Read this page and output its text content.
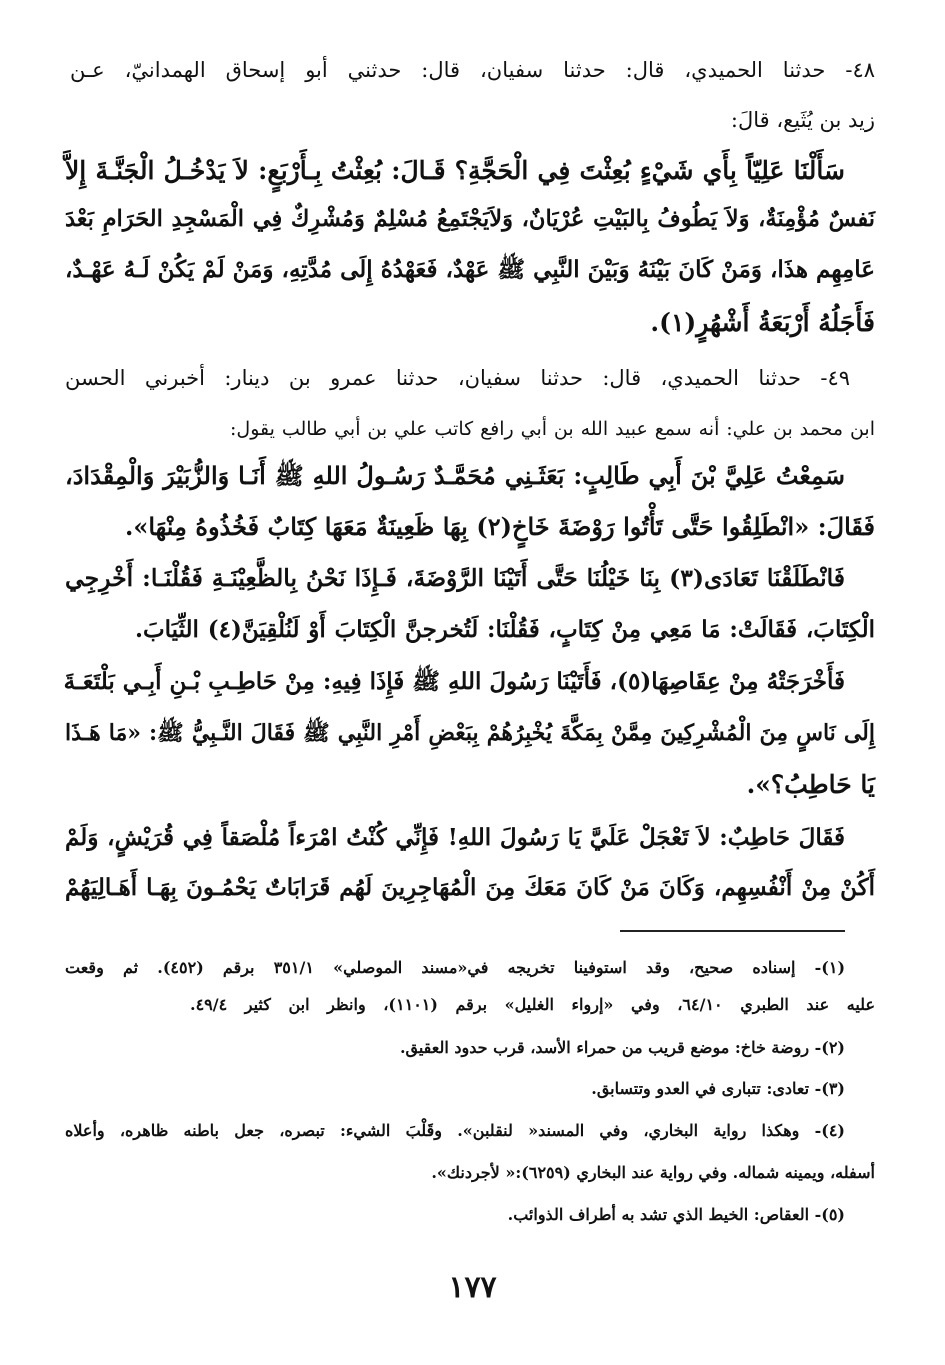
٤٨- حدثنا الحميدي، قال: حدثنا سفيان، قال: حدثني أبو إسحاق الهمدانيّ، عـن
زيد بن يُثَيع، قالَ:
سَأَلْنَا عَلِيّاً بِأَي شَيْءٍ بُعِثْتَ فِي الْحَجَّةِ؟ قَـالَ: بُعِثْتُ بِـأَرْبَعٍ: لاَ يَدْخُـلُ الْجَنَّـةَ إِلاَّ
نَفسٌ مُؤْمِنَةٌ، وَلاَ يَطُوفُ بِالبَيْتِ عُرْيَانٌ، وَلاَيَجْتَمِعُ مُسْلِمٌ وَمُشْرِكٌ فِي الْمَسْجِدِ الحَرَامِ بَعْدَ
عَامِهِم هذَا، وَمَنْ كَانَ بَيْنَهُ وَبَيْنَ النَّبِي ﷺ عَهْدٌ، فَعَهْدُهُ إِلَى مُدَّتِهِ، وَمَنْ لَمْ يَكُنْ لَـهُ عَهْـدٌ،
فَأَجَلُهُ أَرْبَعَةُ أَشْهُرٍ(١).
٤٩- حدثنا الحميدي، قال: حدثنا سفيان، حدثنا عمرو بن دينار: أخبرني الحسن
ابن محمد بن علي: أنه سمع عبيد الله بن أبي رافع كاتب علي بن أبي طالب يقول:
سَمِعْتُ عَلِيَّ بْنَ أَبِي طَالِبٍ: بَعَثَـنِي مُحَمَّـدٌ رَسُـولُ اللهِ ﷺ أَنَـا وَالزُّبَيْرَ وَالْمِقْدَادَ،
فَقَالَ: «انْطَلِقُوا حَتَّى تَأْتُوا رَوْضَةَ خَاخٍ(٢) بِهَا ظَعِينَةٌ مَعَهَا كِتَابٌ فَخُذُوهُ مِنْهَا».
فَانْطَلَقْنَا تَعَادَى(٣) بِنَا خَيْلُنَا حَتَّى أَتَيْنَا الرَّوْضَةَ، فَـإِذَا نَحْنُ بِالظَّعِيْنَـةِ فَقُلْنَـا: أَخْرِجِي
الْكِتَابَ، فَقَالَتْ: مَا مَعِي مِنْ كِتَابٍ، فَقُلْنَا: لَتُخرجنَّ الْكِتَابَ أَوْ لَنُلْقِيَنَّ(٤) الثِّيَابَ.
فَأَخْرَجَتْهُ مِنْ عِقَاصِهَا(٥)، فَأَتَيْنَا رَسُولَ اللهِ ﷺ فَإِذَا فِيهِ: مِنْ حَاطِـبِ بْـنِ أَبِـي بَلْتَعَـةَ
إِلَى نَاسٍ مِنَ الْمُشْرِكِينَ مِمَّنْ بِمَكَّةَ يُخْبِرُهُمْ بِبَعْضِ أَمْرِ النَّبِي ﷺ فَقَالَ النَّـبِيُّ ﷺ: «مَا هَـذَا
يَا حَاطِبُ؟».
فَقَالَ حَاطِبٌ: لاَ تَعْجَلْ عَلَيَّ يَا رَسُولَ اللهِ! فَإِنِّي كُنْتُ امْرَءاً مُلْصَقاً فِي قُرَيْشٍ، وَلَمْ
أَكُنْ مِنْ أَنْفُسِهِم، وَكَانَ مَنْ كَانَ مَعَكَ مِنَ الْمُهَاجِرِينَ لَهُم قَرَابَاتٌ يَحْمُـونَ بِهَـا أَهَـالِيَهُمْ
(١)- إسناده صحيح، وقد استوفينا تخريجه في«مسند الموصلي» ٣٥١/١ برقم (٤٥٢). ثم وقعت
عليه عند الطبري ٦٤/١٠، وفي «إرواء الغليل» برقم (١١٠١)، وانظر ابن كثير ٤٩/٤.
(٢)- روضة خاخ: موضع قريب من حمراء الأسد، قرب حدود العقيق.
(٣)- تعادى: تتبارى في العدو وتتسابق.
(٤)- وهكذا رواية البخاري، وفي المسند« لنقلبن». وقَلْبَ الشيء: تبصره، جعل باطنه ظاهره، وأعلاه
أسفله، ويمينه شماله. وفي رواية عند البخاري (٦٢٥٩):« لأجردنك».
(٥)- العقاص: الخيط الذي تشد به أطراف الذوائب.
١٧٧
